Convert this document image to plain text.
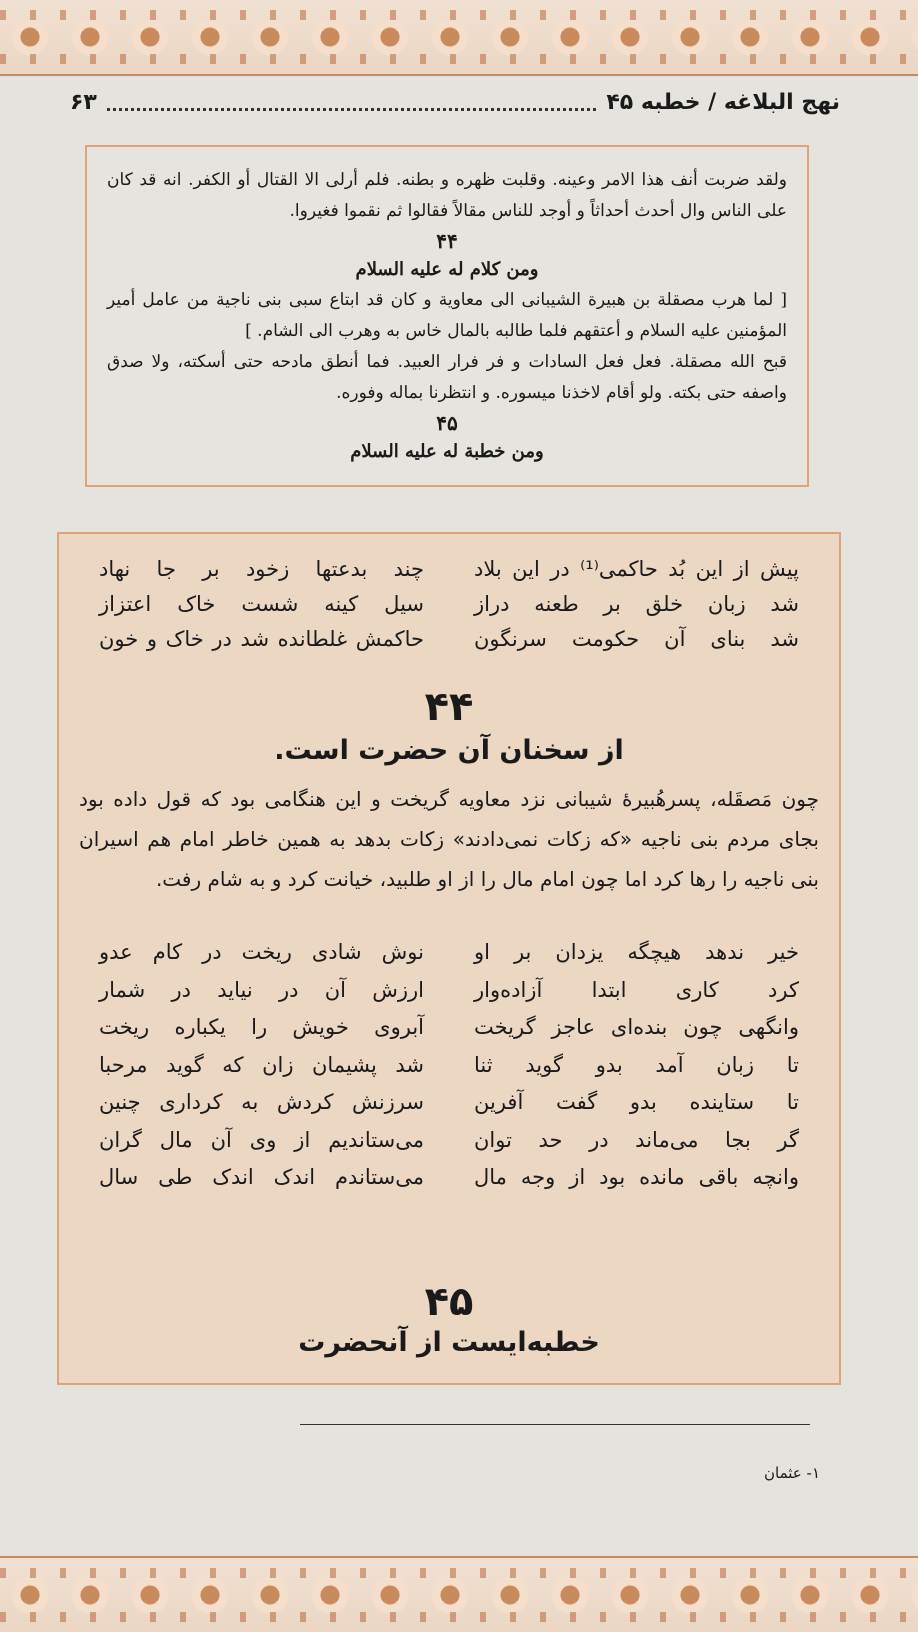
نهج البلاغه / خطبه ۴۵
۶۳

ولقد ضربت أنف هذا الامر وعينه. وقلبت ظهره و بطنه. فلم أرلی الا القتال أو الکفر. انه قد کان علی الناس وال أحدث أحداثاً و أوجد للناس مقالاً فقالوا ثم نقموا فغیروا.

۴۴
ومن کلام له علیه السلام

[ لما هرب مصقلة بن هبیرة الشیبانی الی معاویة و کان قد ابتاع سبی بنی ناجیة من عامل أمیر المؤمنین علیه السلام و أعتقهم فلما طالبه بالمال خاس به وهرب الی الشام. ]

قبح الله مصقلة. فعل فعل السادات و فر فرار العبید. فما أنطق مادحه حتی أسکته، ولا صدق واصفه حتی بکته. ولو أقام لاخذنا میسوره. و انتظرنا بماله وفوره.

۴۵
ومن خطبة له علیه السلام
پیش از این بُد حاکمی⁽¹⁾ در این بلاد
چند بدعتها زخود بر جا نهاد
شد زبان خلق بر طعنه دراز
سیل کینه شست خاک اعتزاز
شد بنای آن حکومت سرنگون
حاکمش غلطانده شد در خاک و خون
۴۴
از سخنان آن حضرت است.
چون مَصقَله، پسرهُبیرهٔ شیبانی نزد معاویه گریخت و این هنگامی بود که قول داده بود بجای مردم بنی ناجیه «که زکات نمی‌دادند» زکات بدهد به همین خاطر امام هم اسیران بنی ناجیه را رها کرد اما چون امام مال را از او طلبید، خیانت کرد و به شام رفت.
خیر ندهد هیچگه یزدان بر او
نوش شادی ریخت در کام عدو
کرد کاری ابتدا آزاده‌وار
ارزش آن در نیاید در شمار
وانگهی چون بنده‌ای عاجز گریخت
آبروی خویش را یکباره ریخت
تا زبان آمد بدو گوید ثنا
شد پشیمان زان که گوید مرحبا
تا ستاینده بدو گفت آفرین
سرزنش کردش به کرداری چنین
گر بجا می‌ماند در حد توان
می‌ستاندیم از وی آن مال گران
وانچه باقی مانده بود از وجه مال
می‌ستاندم اندک اندک طی سال
۴۵
خطبه‌ایست از آنحضرت
۱- عثمان
